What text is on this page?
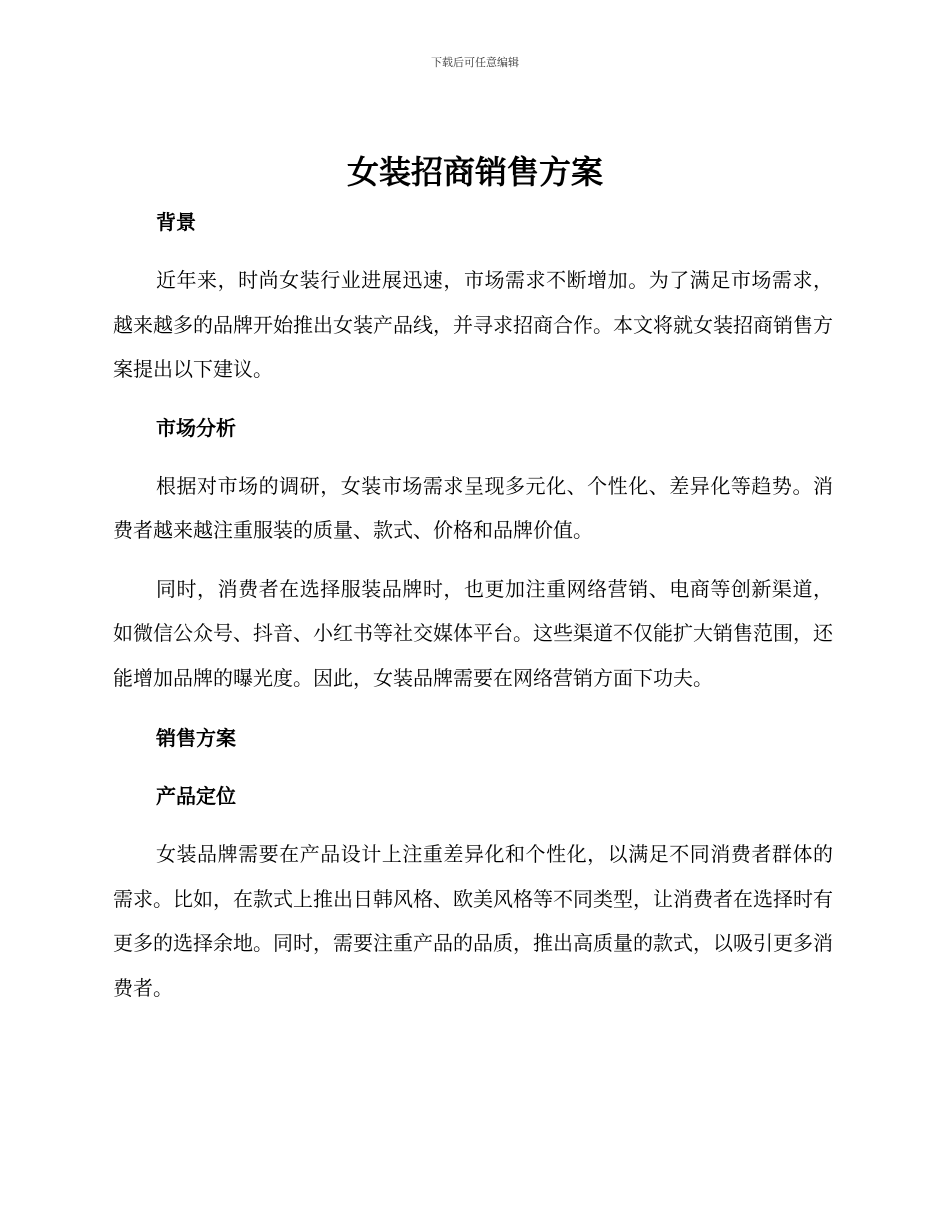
下载后可任意编辑
女装招商销售方案
背景

近年来，时尚女装行业进展迅速，市场需求不断增加。为了满足市场需求，越来越多的品牌开始推出女装产品线，并寻求招商合作。本文将就女装招商销售方案提出以下建议。

市场分析

根据对市场的调研，女装市场需求呈现多元化、个性化、差异化等趋势。消费者越来越注重服装的质量、款式、价格和品牌价值。

同时，消费者在选择服装品牌时，也更加注重网络营销、电商等创新渠道，如微信公众号、抖音、小红书等社交媒体平台。这些渠道不仅能扩大销售范围，还能增加品牌的曝光度。因此，女装品牌需要在网络营销方面下功夫。

销售方案
产品定位

女装品牌需要在产品设计上注重差异化和个性化，以满足不同消费者群体的需求。比如，在款式上推出日韩风格、欧美风格等不同类型，让消费者在选择时有更多的选择余地。同时，需要注重产品的品质，推出高质量的款式，以吸引更多消费者。
